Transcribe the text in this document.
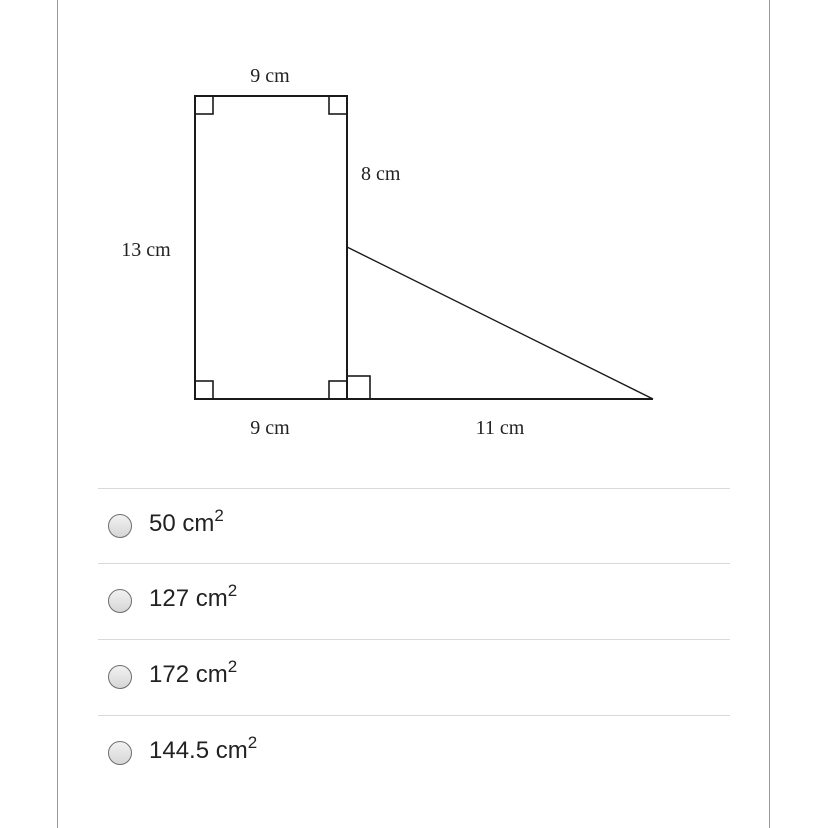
9 cm
8 cm
13 cm
9 cm	11 cm
50 $cm^2$
127 $cm^2$
172 $cm^2$
144.5 $cm^2$
